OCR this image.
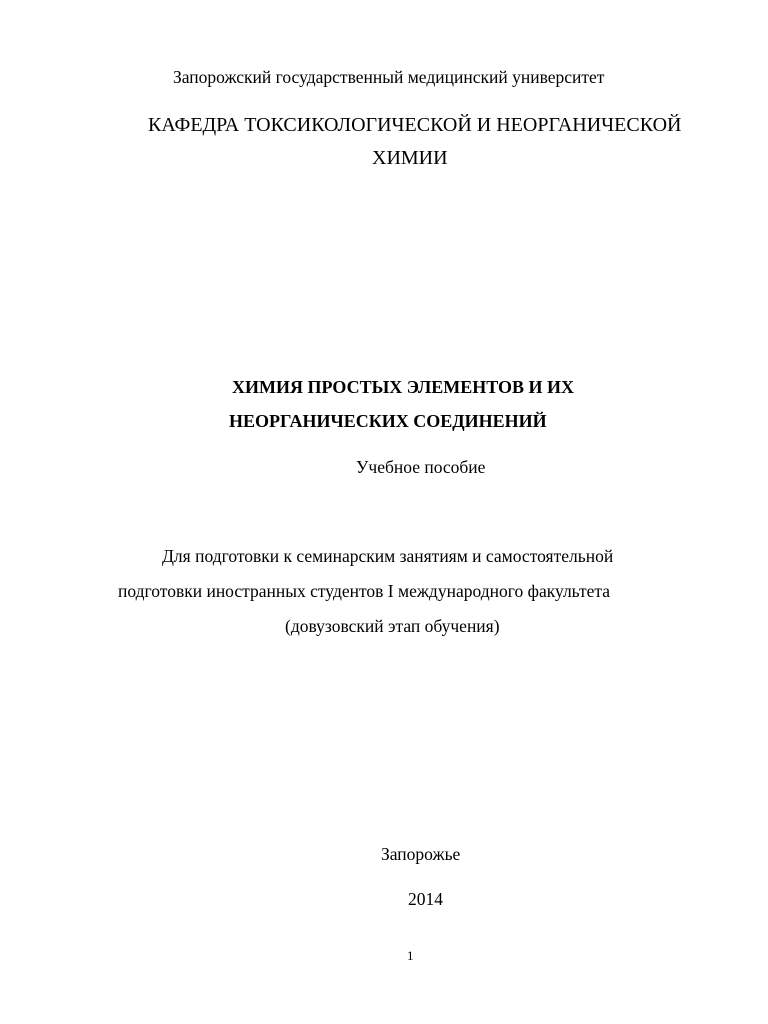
Запорожский государственный медицинский университет
КАФЕДРА ТОКСИКОЛОГИЧЕСКОЙ И НЕОРГАНИЧЕСКОЙ
ХИМИИ
ХИМИЯ ПРОСТЫХ ЭЛЕМЕНТОВ И ИХ
НЕОРГАНИЧЕСКИХ СОЕДИНЕНИЙ
Учебное пособие
Для подготовки к семинарским занятиям и самостоятельной
подготовки иностранных студентов I международного факультета
(довузовский этап обучения)
Запорожье
2014
1
